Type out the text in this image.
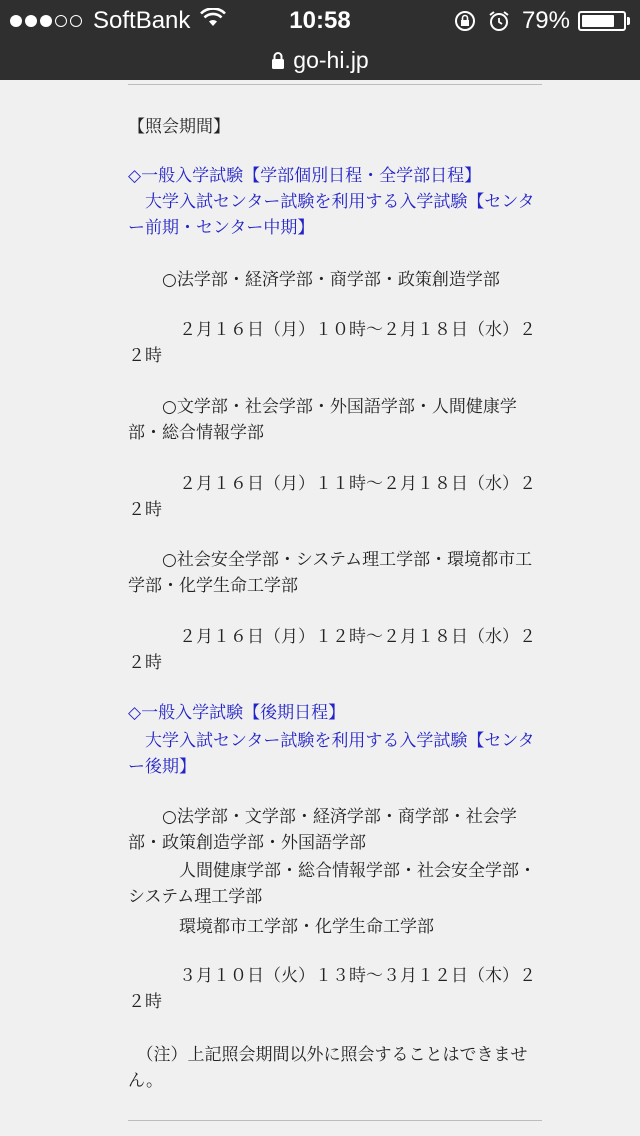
SoftBank	10:58	79%
go-hi.jp
【照会期間】
◇一般入学試験【学部個別日程・全学部日程】
　大学入試センター試験を利用する入学試験【センター前期・センター中期】
　　○法学部・経済学部・商学部・政策創造学部
　　　２月１６日（月）１０時～２月１８日（水）２２時
　　○文学部・社会学部・外国語学部・人間健康学部・総合情報学部
　　　２月１６日（月）１１時～２月１８日（水）２２時
　　○社会安全学部・システム理工学部・環境都市工学部・化学生命工学部
　　　２月１６日（月）１２時～２月１８日（水）２２時
◇一般入学試験【後期日程】
　大学入試センター試験を利用する入学試験【センター後期】
　　○法学部・文学部・経済学部・商学部・社会学部・政策創造学部・外国語学部
　　　人間健康学部・総合情報学部・社会安全学部・システム理工学部
　　　環境都市工学部・化学生命工学部
　　　３月１０日（火）１３時～３月１２日（木）２２時
　（注）上記照会期間以外に照会することはできません。
